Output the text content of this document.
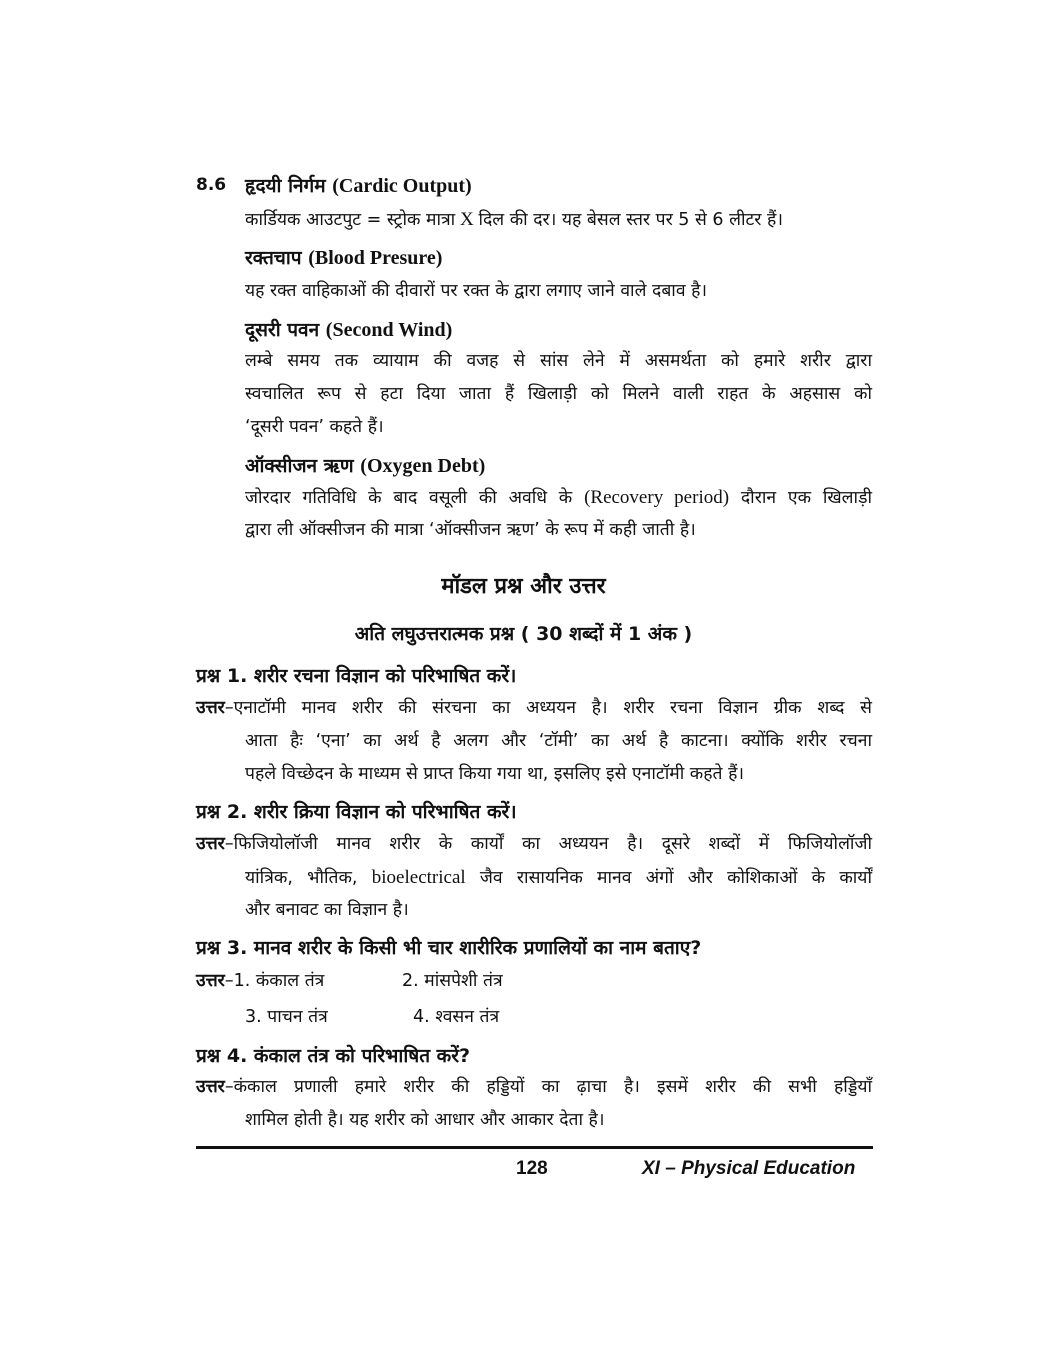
8.6 हृदयी निर्गम (Cardic Output)
कार्डियक आउटपुट = स्ट्रोक मात्रा X दिल की दर। यह बेसल स्तर पर 5 से 6 लीटर हैं।
रक्तचाप (Blood Presure)
यह रक्त वाहिकाओं की दीवारों पर रक्त के द्वारा लगाए जाने वाले दबाव है।
दूसरी पवन (Second Wind)
लम्बे समय तक व्यायाम की वजह से सांस लेने में असमर्थता को हमारे शरीर द्वारा
स्वचालित रूप से हटा दिया जाता हैं खिलाड़ी को मिलने वाली राहत के अहसास को
‘दूसरी पवन’ कहते हैं।
ऑक्सीजन ऋण (Oxygen Debt)
जोरदार गतिविधि के बाद वसूली की अवधि के (Recovery period) दौरान एक खिलाड़ी
द्वारा ली ऑक्सीजन की मात्रा ‘ऑक्सीजन ऋण’ के रूप में कही जाती है।
मॉडल प्रश्न और उत्तर
अति लघुउत्तरात्मक प्रश्न ( 30 शब्दों में 1 अंक )
प्रश्न 1. शरीर रचना विज्ञान को परिभाषित करें।
उत्तर–एनाटॉमी मानव शरीर की संरचना का अध्ययन है। शरीर रचना विज्ञान ग्रीक शब्द से
आता हैः ‘एना’ का अर्थ है अलग और ‘टॉमी’ का अर्थ है काटना। क्योंकि शरीर रचना
पहले विच्छेदन के माध्यम से प्राप्त किया गया था, इसलिए इसे एनाटॉमी कहते हैं।
प्रश्न 2. शरीर क्रिया विज्ञान को परिभाषित करें।
उत्तर–फिजियोलॉजी मानव शरीर के कार्यों का अध्ययन है। दूसरे शब्दों में फिजियोलॉजी
यांत्रिक, भौतिक, bioelectrical जैव रासायनिक मानव अंगों और कोशिकाओं के कार्यों
और बनावट का विज्ञान है।
प्रश्न 3. मानव शरीर के किसी भी चार शारीरिक प्रणालियों का नाम बताए?
उत्तर–1. कंकाल तंत्र	2. मांसपेशी तंत्र
3. पाचन तंत्र	4. श्वसन तंत्र
प्रश्न 4. कंकाल तंत्र को परिभाषित करें?
उत्तर–कंकाल प्रणाली हमारे शरीर की हड्डियों का ढ़ाचा है। इसमें शरीर की सभी हड्डियाँ
शामिल होती है। यह शरीर को आधार और आकार देता है।
128	XI – Physical Education
